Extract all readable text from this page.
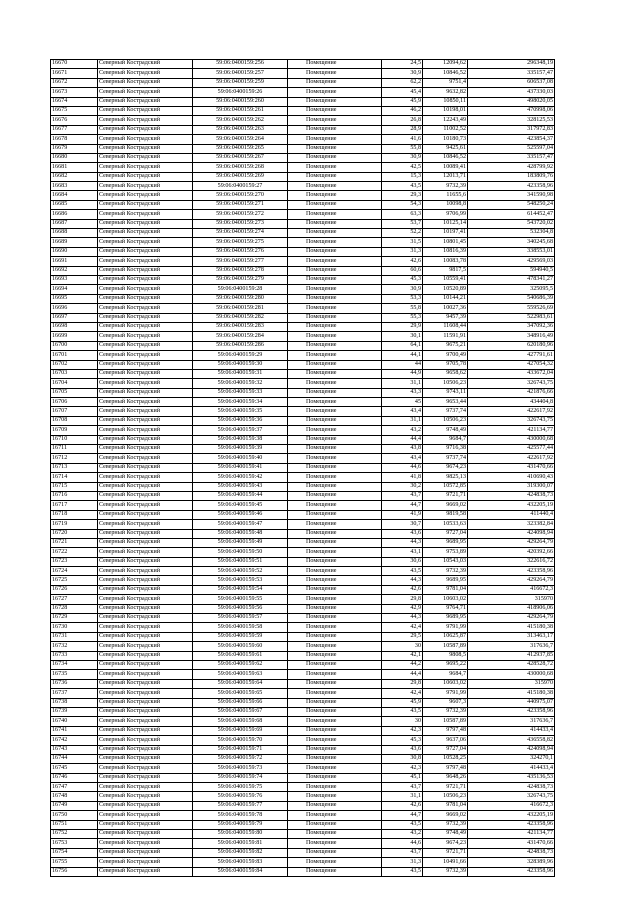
16670	Северный Кострадский	59:06:0400159:256	Помещение	24,5	12094,62	296348,19
16671	Северный Кострадский	59:06:0400159:257	Помещение	30,9	10846,52	335157,47
16672	Северный Кострадский	59:06:0400159:259	Помещение	62,2	9751,4	606537,08
16673	Северный Кострадский	59:06:0400159:26	Помещение	45,4	9632,82	437330,03
16674	Северный Кострадский	59:06:0400159:260	Помещение	45,9	10850,11	498020,05
16675	Северный Кострадский	59:06:0400159:261	Помещение	46,2	10198,01	470998,06
16676	Северный Кострадский	59:06:0400159:262	Помещение	26,8	12243,49	328125,53
16677	Северный Кострадский	59:06:0400159:263	Помещение	28,9	11002,52	317972,83
16678	Северный Кострадский	59:06:0400159:264	Помещение	41,6	10180,73	423854,37
16679	Северный Кострадский	59:06:0400159:265	Помещение	55,8	9425,61	525597,04
16680	Северный Кострадский	59:06:0400159:267	Помещение	30,9	10846,52	335157,47
16681	Северный Кострадский	59:06:0400159:268	Помещение	42,5	10089,41	428799,92
16682	Северный Кострадский	59:06:0400159:269	Помещение	15,3	12013,71	183809,76
16683	Северный Кострадский	59:06:0400159:27	Помещение	43,5	9732,39	423358,96
16684	Северный Кострадский	59:06:0400159:270	Помещение	29,3	11655,6	341590,98
16685	Северный Кострадский	59:06:0400159:271	Помещение	54,3	10098,8	548250,24
16686	Северный Кострадский	59:06:0400159:272	Помещение	63,3	9706,99	614452,47
16687	Северный Кострадский	59:06:0400159:273	Помещение	53,7	10125,14	543720,02
16688	Северный Кострадский	59:06:0400159:274	Помещение	52,2	10197,41	532304,8
16689	Северный Кострадский	59:06:0400159:275	Помещение	31,5	10801,45	340245,68
16690	Северный Кострадский	59:06:0400159:276	Помещение	31,3	10816,39	338553,01
16691	Северный Кострадский	59:06:0400159:277	Помещение	42,6	10083,78	429569,03
16692	Северный Кострадский	59:06:0400159:278	Помещение	60,6	9817,5	594940,5
16693	Северный Кострадский	59:06:0400159:279	Помещение	45,3	10559,41	478341,27
16694	Северный Кострадский	59:06:0400159:28	Помещение	30,9	10520,89	325095,5
16695	Северный Кострадский	59:06:0400159:280	Помещение	53,3	10144,21	540686,39
16696	Северный Кострадский	59:06:0400159:281	Помещение	55,8	10027,36	559526,69
16697	Северный Кострадский	59:06:0400159:282	Помещение	55,3	9457,39	522983,61
16698	Северный Кострадский	59:06:0400159:283	Помещение	29,9	11608,44	347092,36
16699	Северный Кострадский	59:06:0400159:284	Помещение	30,1	11591,91	348916,49
16700	Северный Кострадский	59:06:0400159:286	Помещение	64,1	9675,21	620180,96
16701	Северный Кострадский	59:06:0400159:29	Помещение	44,1	9700,49	427791,61
16702	Северный Кострадский	59:06:0400159:30	Помещение	44	9705,78	427054,32
16703	Северный Кострадский	59:06:0400159:31	Помещение	44,9	9658,62	433672,04
16704	Северный Кострадский	59:06:0400159:32	Помещение	31,1	10506,23	326743,75
16705	Северный Кострадский	59:06:0400159:33	Помещение	43,3	9743,11	421876,66
16706	Северный Кострадский	59:06:0400159:34	Помещение	45	9653,44	434404,8
16707	Северный Кострадский	59:06:0400159:35	Помещение	43,4	9737,74	422617,92
16708	Северный Кострадский	59:06:0400159:36	Помещение	31,1	10506,23	326743,75
16709	Северный Кострадский	59:06:0400159:37	Помещение	43,2	9748,49	421134,77
16710	Северный Кострадский	59:06:0400159:38	Помещение	44,4	9684,7	430000,68
16711	Северный Кострадский	59:06:0400159:39	Помещение	43,8	9716,38	425577,44
16712	Северный Кострадский	59:06:0400159:40	Помещение	43,4	9737,74	422617,92
16713	Северный Кострадский	59:06:0400159:41	Помещение	44,6	9674,23	431470,66
16714	Северный Кострадский	59:06:0400159:42	Помещение	41,8	9825,13	410690,43
16715	Северный Кострадский	59:06:0400159:43	Помещение	30,2	10572,85	319300,07
16716	Северный Кострадский	59:06:0400159:44	Помещение	43,7	9721,71	424838,73
16717	Северный Кострадский	59:06:0400159:45	Помещение	44,7	9669,02	432205,19
16718	Северный Кострадский	59:06:0400159:46	Помещение	41,9	9819,58	411440,4
16719	Северный Кострадский	59:06:0400159:47	Помещение	30,7	10533,63	323382,84
16720	Северный Кострадский	59:06:0400159:48	Помещение	43,6	9727,04	424098,94
16721	Северный Кострадский	59:06:0400159:49	Помещение	44,3	9689,95	429264,79
16722	Северный Кострадский	59:06:0400159:50	Помещение	43,1	9753,89	420392,66
16723	Северный Кострадский	59:06:0400159:51	Помещение	30,6	10543,03	322616,72
16724	Северный Кострадский	59:06:0400159:52	Помещение	43,5	9732,39	423358,96
16725	Северный Кострадский	59:06:0400159:53	Помещение	44,3	9689,95	429264,79
16726	Северный Кострадский	59:06:0400159:54	Помещение	42,6	9781,04	416672,3
16727	Северный Кострадский	59:06:0400159:55	Помещение	29,8	10603,02	315970
16728	Северный Кострадский	59:06:0400159:56	Помещение	42,9	9764,71	418906,06
16729	Северный Кострадский	59:06:0400159:57	Помещение	44,3	9689,95	429264,79
16730	Северный Кострадский	59:06:0400159:58	Помещение	42,4	9791,99	415180,38
16731	Северный Кострадский	59:06:0400159:59	Помещение	29,5	10625,87	313463,17
16732	Северный Кострадский	59:06:0400159:60	Помещение	30	10587,89	317636,7
16733	Северный Кострадский	59:06:0400159:61	Помещение	42,1	9808,5	412937,85
16734	Северный Кострадский	59:06:0400159:62	Помещение	44,2	9695,22	428528,72
16735	Северный Кострадский	59:06:0400159:63	Помещение	44,4	9684,7	430000,68
16736	Северный Кострадский	59:06:0400159:64	Помещение	29,8	10603,02	315970
16737	Северный Кострадский	59:06:0400159:65	Помещение	42,4	9791,99	415180,38
16738	Северный Кострадский	59:06:0400159:66	Помещение	45,9	9607,3	440975,07
16739	Северный Кострадский	59:06:0400159:67	Помещение	43,5	9732,39	423358,96
16740	Северный Кострадский	59:06:0400159:68	Помещение	30	10587,89	317636,7
16741	Северный Кострадский	59:06:0400159:69	Помещение	42,3	9797,48	414433,4
16742	Северный Кострадский	59:06:0400159:70	Помещение	45,3	9637,06	436558,82
16743	Северный Кострадский	59:06:0400159:71	Помещение	43,6	9727,04	424098,94
16744	Северный Кострадский	59:06:0400159:72	Помещение	30,8	10528,25	324270,1
16745	Северный Кострадский	59:06:0400159:73	Помещение	42,3	9797,48	414433,4
16746	Северный Кострадский	59:06:0400159:74	Помещение	45,1	9648,26	435136,53
16747	Северный Кострадский	59:06:0400159:75	Помещение	43,7	9721,71	424838,73
16748	Северный Кострадский	59:06:0400159:76	Помещение	31,1	10506,23	326743,75
16749	Северный Кострадский	59:06:0400159:77	Помещение	42,6	9781,04	416672,3
16750	Северный Кострадский	59:06:0400159:78	Помещение	44,7	9669,02	432205,19
16751	Северный Кострадский	59:06:0400159:79	Помещение	43,5	9732,39	423358,96
16752	Северный Кострадский	59:06:0400159:80	Помещение	43,2	9748,49	421134,77
16753	Северный Кострадский	59:06:0400159:81	Помещение	44,6	9674,23	431470,66
16754	Северный Кострадский	59:06:0400159:82	Помещение	43,7	9721,71	424838,73
16755	Северный Кострадский	59:06:0400159:83	Помещение	31,3	10491,66	328389,96
16756	Северный Кострадский	59:06:0400159:84	Помещение	43,5	9732,39	423358,96
